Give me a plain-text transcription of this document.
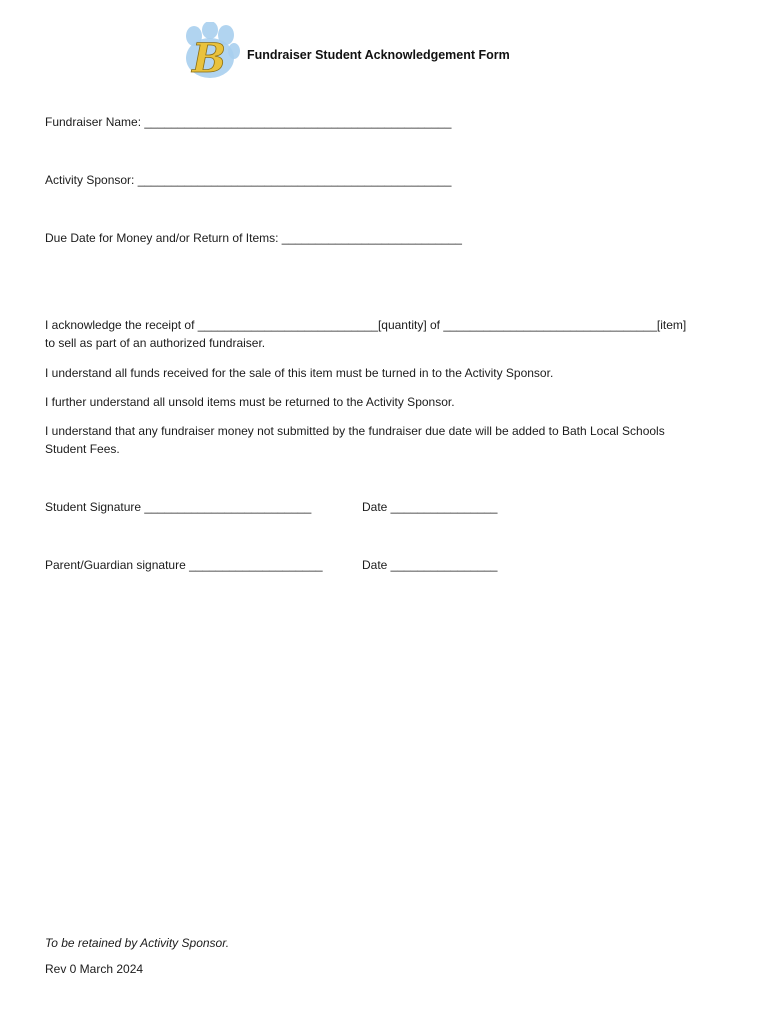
B Fundraiser Student Acknowledgement Form
Fundraiser Name: ______________________________________________
Activity Sponsor: _______________________________________________
Due Date for Money and/or Return of Items: ___________________________
I acknowledge the receipt of ___________________________[quantity] of ________________________________[item]
to sell as part of an authorized fundraiser.
I understand all funds received for the sale of this item must be turned in to the Activity Sponsor.
I further understand all unsold items must be returned to the Activity Sponsor.
I understand that any fundraiser money not submitted by the fundraiser due date will be added to Bath Local Schools
Student Fees.
Student Signature _________________________	Date ________________
Parent/Guardian signature ____________________	Date ________________
To be retained by Activity Sponsor.
Rev 0 March 2024
